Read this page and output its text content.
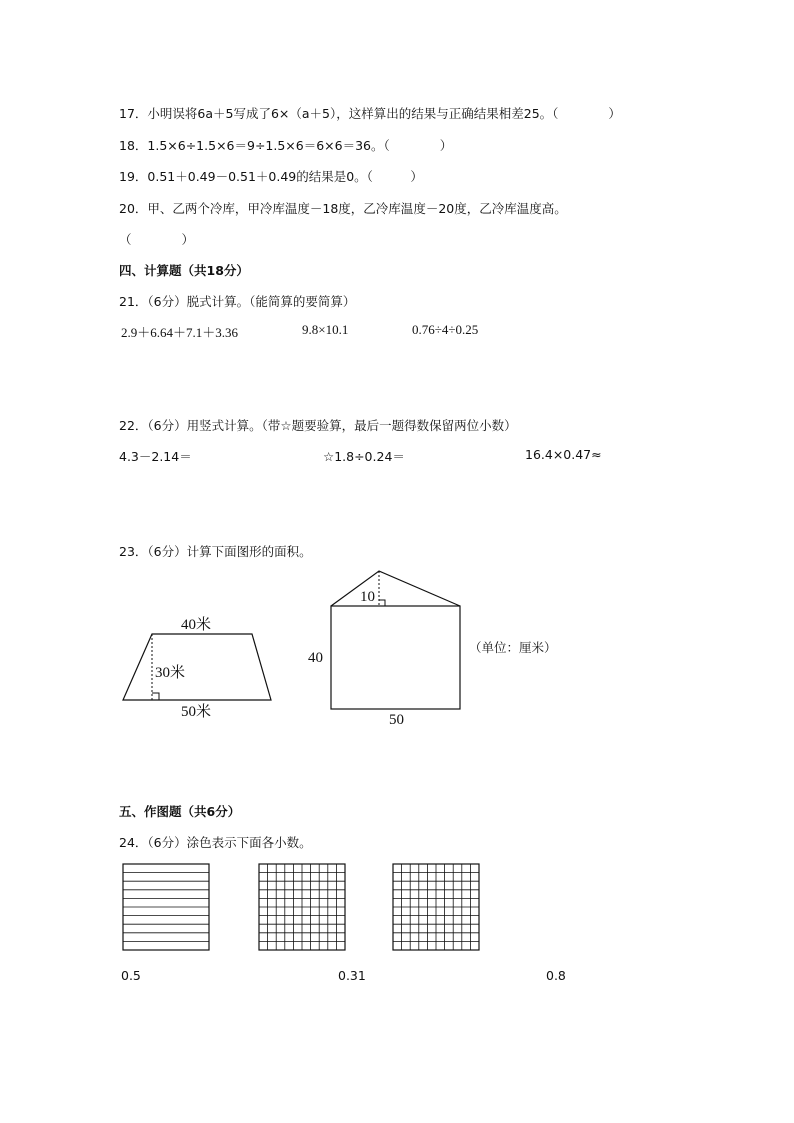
17．小明误将6a＋5写成了6×（a＋5），这样算出的结果与正确结果相差25。（　　　　）
18．1.5×6÷1.5×6＝9÷1.5×6＝6×6＝36。（　　　　）
19．0.51＋0.49－0.51＋0.49的结果是0。（　　　）
20．甲、乙两个冷库，甲冷库温度－18度，乙冷库温度－20度，乙冷库温度高。
（　　　　）
四、计算题（共18分）
21．（6分）脱式计算。（能简算的要简算）
2.9＋6.64＋7.1＋3.36	9.8×10.1	0.76÷4÷0.25
22．（6分）用竖式计算。（带☆题要验算，最后一题得数保留两位小数）
4.3－2.14＝	☆1.8÷0.24＝	16.4×0.47≈
23．（6分）计算下面图形的面积。
40米
30米
50米
10
40
50
（单位：厘米）
五、作图题（共6分）
24．（6分）涂色表示下面各小数。
0.5	0.31	0.8
